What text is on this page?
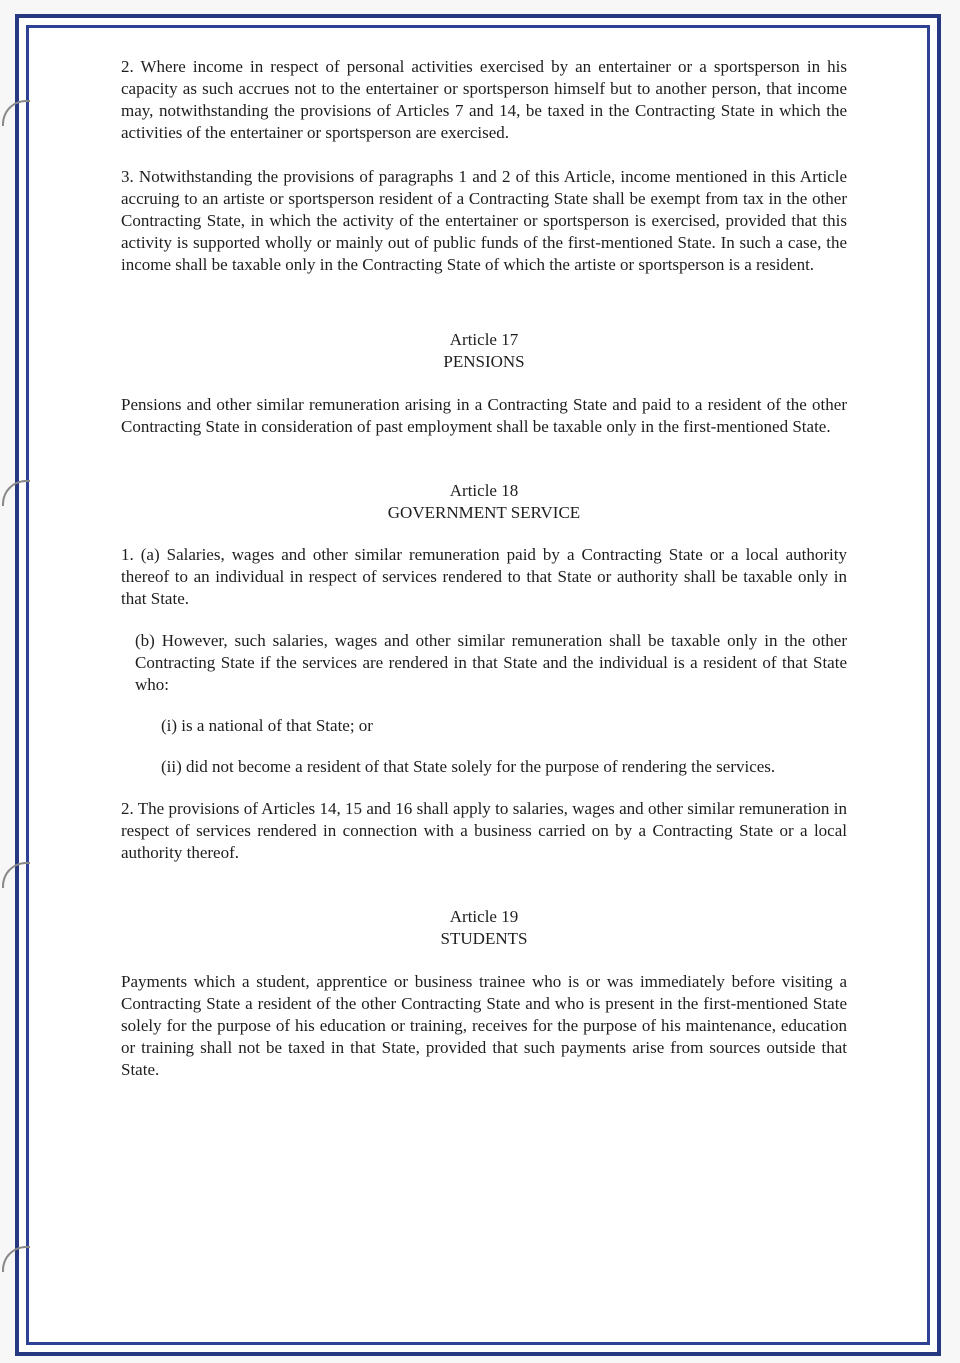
2. Where income in respect of personal activities exercised by an entertainer or a sportsperson in his capacity as such accrues not to the entertainer or sportsperson himself but to another person, that income may, notwithstanding the provisions of Articles 7 and 14, be taxed in the Contracting State in which the activities of the entertainer or sportsperson are exercised.

3. Notwithstanding the provisions of paragraphs 1 and 2 of this Article, income mentioned in this Article accruing to an artiste or sportsperson resident of a Contracting State shall be exempt from tax in the other Contracting State, in which the activity of the entertainer or sportsperson is exercised, provided that this activity is supported wholly or mainly out of public funds of the first-mentioned State. In such a case, the income shall be taxable only in the Contracting State of which the artiste or sportsperson is a resident.

Article 17

PENSIONS

Pensions and other similar remuneration arising in a Contracting State and paid to a resident of the other Contracting State in consideration of past employment shall be taxable only in the first-mentioned State.

Article 18

GOVERNMENT SERVICE

1. (a) Salaries, wages and other similar remuneration paid by a Contracting State or a local authority thereof to an individual in respect of services rendered to that State or authority shall be taxable only in that State.

(b) However, such salaries, wages and other similar remuneration shall be taxable only in the other Contracting State if the services are rendered in that State and the individual is a resident of that State who:

(i) is a national of that State; or

(ii) did not become a resident of that State solely for the purpose of rendering the services.

2. The provisions of Articles 14, 15 and 16 shall apply to salaries, wages and other similar remuneration in respect of services rendered in connection with a business carried on by a Contracting State or a local authority thereof.

Article 19

STUDENTS

Payments which a student, apprentice or business trainee who is or was immediately before visiting a Contracting State a resident of the other Contracting State and who is present in the first-mentioned State solely for the purpose of his education or training, receives for the purpose of his maintenance, education or training shall not be taxed in that State, provided that such payments arise from sources outside that State.
